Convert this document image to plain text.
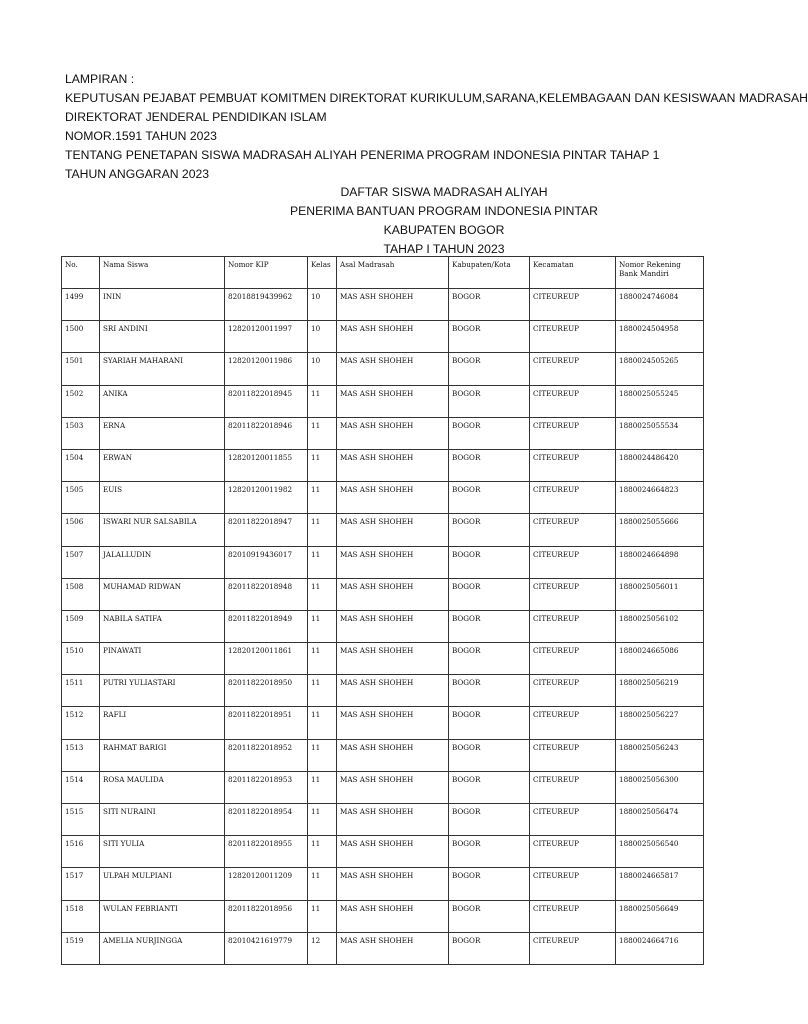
LAMPIRAN :
KEPUTUSAN PEJABAT PEMBUAT KOMITMEN DIREKTORAT KURIKULUM,SARANA,KELEMBAGAAN DAN KESISWAAN MADRASAH
DIREKTORAT JENDERAL PENDIDIKAN ISLAM
NOMOR.1591 TAHUN 2023
TENTANG PENETAPAN SISWA MADRASAH ALIYAH PENERIMA PROGRAM INDONESIA PINTAR TAHAP 1
TAHUN ANGGARAN 2023
DAFTAR SISWA MADRASAH ALIYAH
PENERIMA BANTUAN PROGRAM INDONESIA PINTAR
KABUPATEN BOGOR
TAHAP I TAHUN 2023
No.	Nama Siswa	Nomor KIP	Kelas	Asal Madrasah	Kabupaten/Kota	Kecamatan	Nomor Rekening Bank Mandiri
1499	ININ	82018819439962	10	MAS ASH SHOHEH	BOGOR	CITEUREUP	1880024746084
1500	SRI ANDINI	12820120011997	10	MAS ASH SHOHEH	BOGOR	CITEUREUP	1880024504958
1501	SYARIAH MAHARANI	12820120011986	10	MAS ASH SHOHEH	BOGOR	CITEUREUP	1880024505265
1502	ANIKA	82011822018945	11	MAS ASH SHOHEH	BOGOR	CITEUREUP	1880025055245
1503	ERNA	82011822018946	11	MAS ASH SHOHEH	BOGOR	CITEUREUP	1880025055534
1504	ERWAN	12820120011855	11	MAS ASH SHOHEH	BOGOR	CITEUREUP	1880024486420
1505	EUIS	12820120011982	11	MAS ASH SHOHEH	BOGOR	CITEUREUP	1880024664823
1506	ISWARI NUR SALSABILA	82011822018947	11	MAS ASH SHOHEH	BOGOR	CITEUREUP	1880025055666
1507	JALALLUDIN	82010919436017	11	MAS ASH SHOHEH	BOGOR	CITEUREUP	1880024664898
1508	MUHAMAD RIDWAN	82011822018948	11	MAS ASH SHOHEH	BOGOR	CITEUREUP	1880025056011
1509	NABILA SATIFA	82011822018949	11	MAS ASH SHOHEH	BOGOR	CITEUREUP	1880025056102
1510	PINAWATI	12820120011861	11	MAS ASH SHOHEH	BOGOR	CITEUREUP	1880024665086
1511	PUTRI YULIASTARI	82011822018950	11	MAS ASH SHOHEH	BOGOR	CITEUREUP	1880025056219
1512	RAFLI	82011822018951	11	MAS ASH SHOHEH	BOGOR	CITEUREUP	1880025056227
1513	RAHMAT BARIGI	82011822018952	11	MAS ASH SHOHEH	BOGOR	CITEUREUP	1880025056243
1514	ROSA MAULIDA	82011822018953	11	MAS ASH SHOHEH	BOGOR	CITEUREUP	1880025056300
1515	SITI NURAINI	82011822018954	11	MAS ASH SHOHEH	BOGOR	CITEUREUP	1880025056474
1516	SITI YULIA	82011822018955	11	MAS ASH SHOHEH	BOGOR	CITEUREUP	1880025056540
1517	ULPAH MULPIANI	12820120011209	11	MAS ASH SHOHEH	BOGOR	CITEUREUP	1880024665817
1518	WULAN FEBRIANTI	82011822018956	11	MAS ASH SHOHEH	BOGOR	CITEUREUP	1880025056649
1519	AMELIA NURJINGGA	82010421619779	12	MAS ASH SHOHEH	BOGOR	CITEUREUP	1880024664716
